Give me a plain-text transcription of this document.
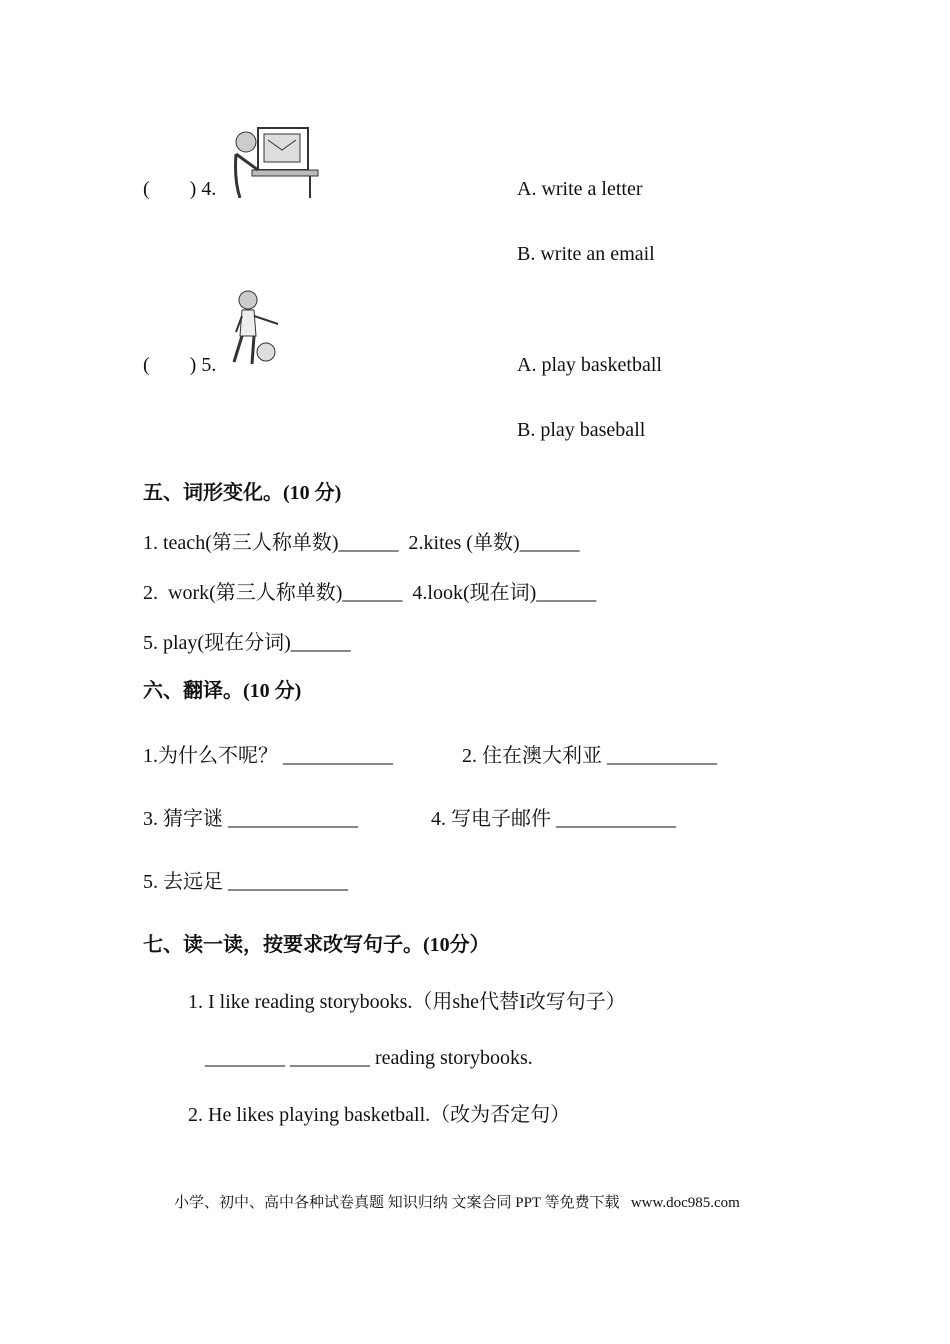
(        ) 4.	A. write a letter
B. write an email
(        ) 5.	A. play basketball
B. play baseball
五、词形变化。(10 分)
1. teach(第三人称单数)______  2.kites (单数)______
2.  work(第三人称单数)______  4.look(现在词)______
5. play(现在分词)______
六、翻译。(10 分)
1.为什么不呢？ ___________	2. 住在澳大利亚 ___________
3. 猜字谜 _____________	4. 写电子邮件 ____________
5. 去远足 ____________
七、读一读，按要求改写句子。(10分）
1. I like reading storybooks.（用she代替I改写句子）
________ ________ reading storybooks.
2. He likes playing basketball.（改为否定句）
小学、初中、高中各种试卷真题 知识归纳 文案合同 PPT 等免费下载   www.doc985.com
